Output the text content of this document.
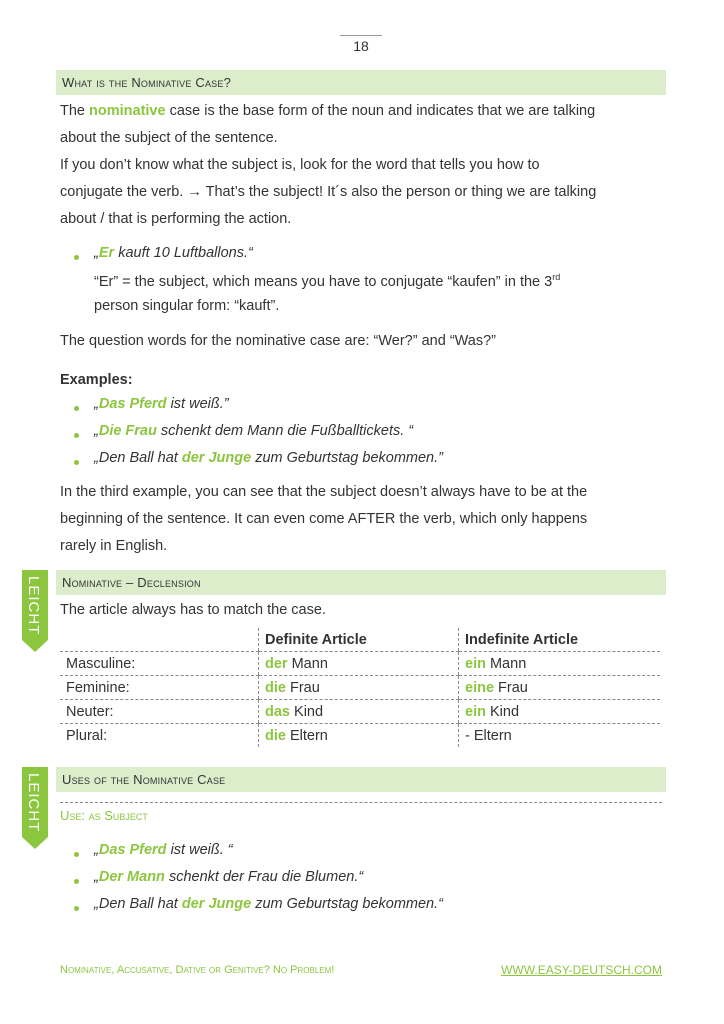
18
What is the Nominative Case?
The nominative case is the base form of the noun and indicates that we are talking
about the subject of the sentence.
If you don’t know what the subject is, look for the word that tells you how to
conjugate the verb. → That’s the subject! It´s also the person or thing we are talking
about / that is performing the action.
„Er kauft 10 Luftballons.“
“Er” = the subject, which means you have to conjugate “kaufen” in the 3rd
person singular form: “kauft”.
The question words for the nominative case are: “Wer?” and “Was?”
Examples:
„Das Pferd ist weiß.”
„Die Frau schenkt dem Mann die Fußballtickets. “
„Den Ball hat der Junge zum Geburtstag bekommen.”
In the third example, you can see that the subject doesn’t always have to be at the
beginning of the sentence. It can even come AFTER the verb, which only happens
rarely in English.
LEICHT Nominative – Declension
The article always has to match the case.
	Definite Article	Indefinite Article
Masculine:	der Mann	ein Mann
Feminine:	die Frau	eine Frau
Neuter:	das Kind	ein Kind
Plural:	die Eltern	- Eltern
LEICHT Uses of the Nominative Case
Use: as Subject
„Das Pferd ist weiß. “
„Der Mann schenkt der Frau die Blumen.“
„Den Ball hat der Junge zum Geburtstag bekommen.“
Nominative, Accusative, Dative or Genitive? No Problem!	WWW.EASY-DEUTSCH.COM
